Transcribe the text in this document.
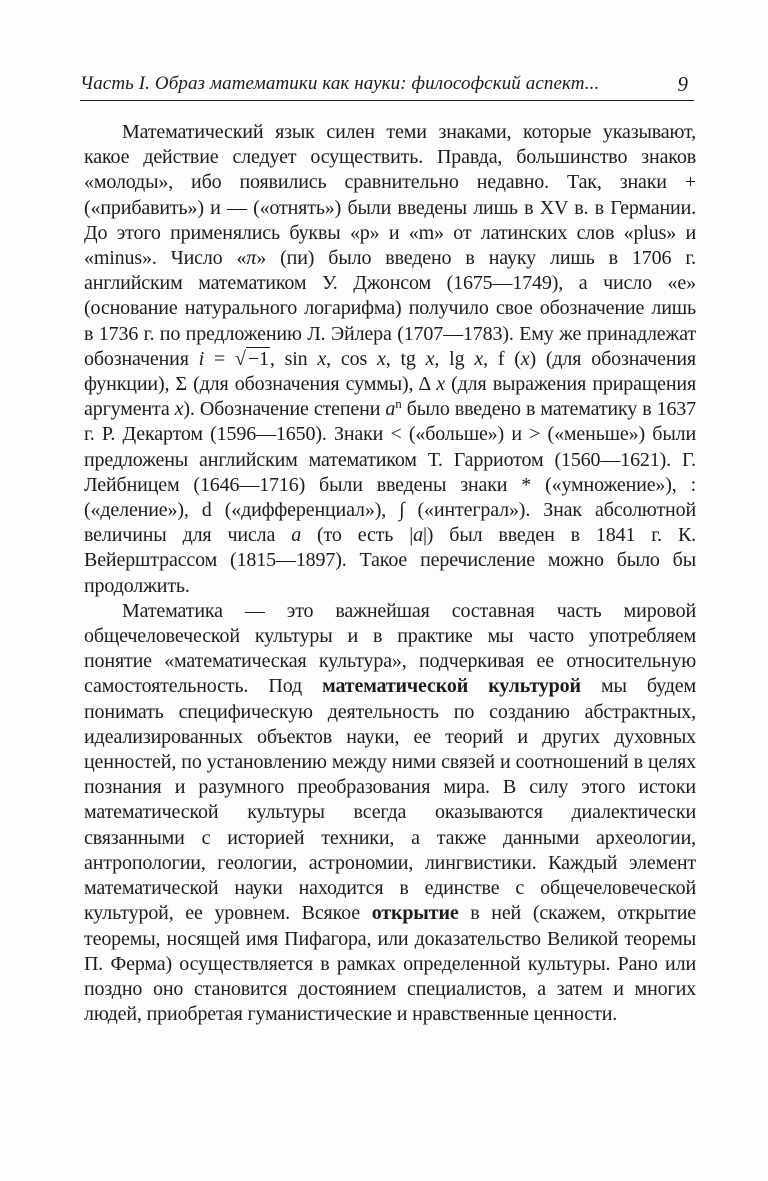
Часть I. Образ математики как науки: философский аспект...	9

Математический язык силен теми знаками, которые указывают, какое действие следует осуществить. Правда, большинство знаков «молоды», ибо появились сравнительно недавно. Так, знаки + («прибавить») и — («отнять») были введены лишь в XV в. в Германии. До этого применялись буквы «р» и «m» от латинских слов «plus» и «minus». Число «π» (пи) было введено в науку лишь в 1706 г. английским математиком У. Джонсом (1675—1749), а число «е» (основание натурального логарифма) получило свое обозначение лишь в 1736 г. по предложению Л. Эйлера (1707—1783). Ему же принадлежат обозначения i = √ −1, sin x, cos x, tg x, lg x, f (x) (для обозначения функции), Σ (для обозначения суммы), Δ x (для выражения приращения аргумента x). Обозначение степени $a^n$ было введено в математику в 1637 г. Р. Декартом (1596—1650). Знаки < («больше») и > («меньше») были предложены английским математиком Т. Гарриотом (1560—1621). Г. Лейбницем (1646—1716) были введены знаки * («умножение»), : («деление»), d («дифференциал»), ∫ («интеграл»). Знак абсолютной величины для числа a (то есть |a|) был введен в 1841 г. К. Вейерштрассом (1815—1897). Такое перечисление можно было бы продолжить.

Математика — это важнейшая составная часть мировой общечеловеческой культуры и в практике мы часто употребляем понятие «математическая культура», подчеркивая ее относительную самостоятельность. Под математической культурой мы будем понимать специфическую деятельность по созданию абстрактных, идеализированных объектов науки, ее теорий и других духовных ценностей, по установлению между ними связей и соотношений в целях познания и разумного преобразования мира. В силу этого истоки математической культуры всегда оказываются диалектически связанными с историей техники, а также данными археологии, антропологии, геологии, астрономии, лингвистики. Каждый элемент математической науки находится в единстве с общечеловеческой культурой, ее уровнем. Всякое открытие в ней (скажем, открытие теоремы, носящей имя Пифагора, или доказательство Великой теоремы П. Ферма) осуществляется в рамках определенной культуры. Рано или поздно оно становится достоянием специалистов, а затем и многих людей, приобретая гуманистические и нравственные ценности.
